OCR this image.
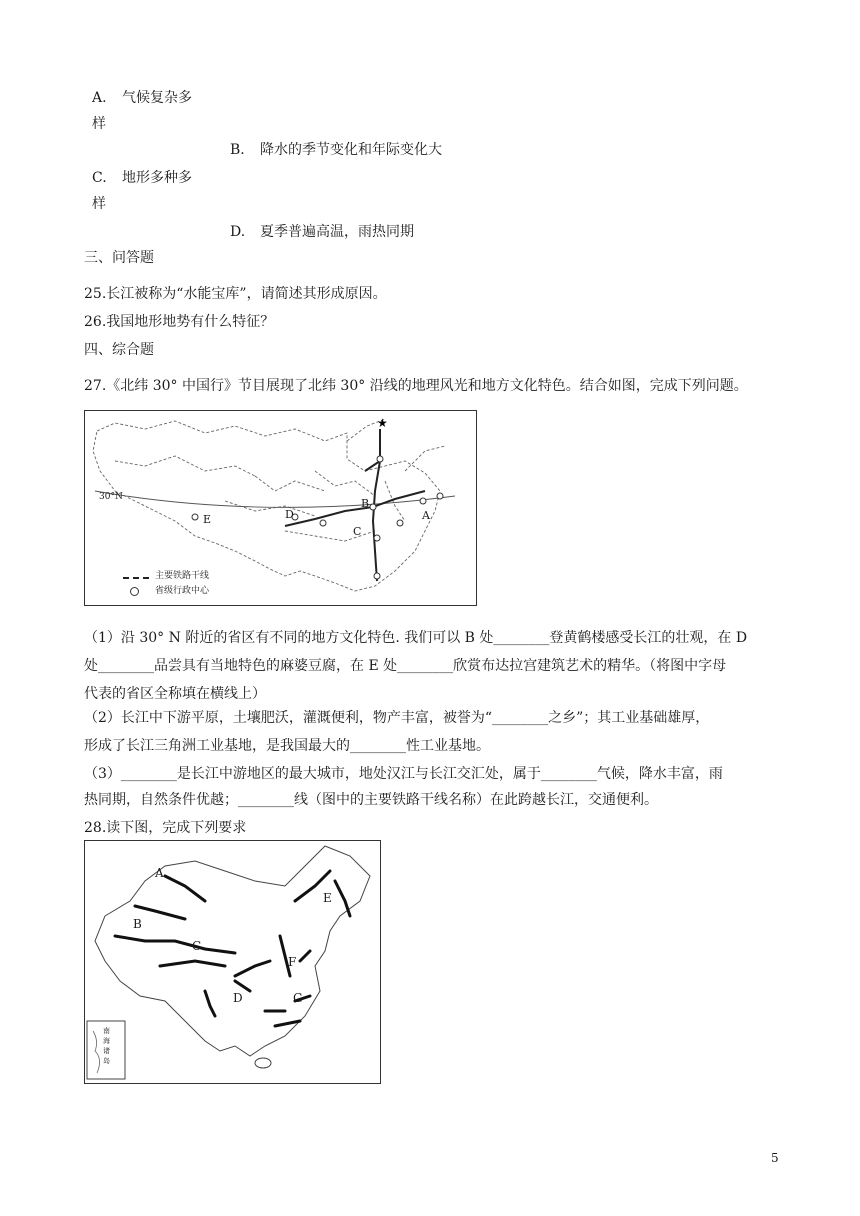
A. 气候复杂多
样
B. 降水的季节变化和年际变化大
C. 地形多种多
样
D. 夏季普遍高温，雨热同期
三、问答题
25.长江被称为“水能宝库”，请简述其形成原因。
26.我国地形地势有什么特征？
四、综合题
27.《北纬 30° 中国行》节目展现了北纬 30° 沿线的地理风光和地方文化特色。结合如图，完成下列问题。
★
30°N
A
B
C
D
E
主要铁路干线
省级行政中心
（1）沿 30° N 附近的省区有不同的地方文化特色. 我们可以 B 处________登黄鹤楼感受长江的壮观，在 D
处________品尝具有当地特色的麻婆豆腐，在 E 处________欣赏布达拉宫建筑艺术的精华。（将图中字母
代表的省区全称填在横线上）
（2）长江中下游平原，土壤肥沃，灌溉便利，物产丰富，被誉为“________之乡”；其工业基础雄厚，
形成了长江三角洲工业基地，是我国最大的________性工业基地。
（3）________是长江中游地区的最大城市，地处汉江与长江交汇处，属于________气候，降水丰富，雨
热同期，自然条件优越；________线（图中的主要铁路干线名称）在此跨越长江，交通便利。
28.读下图，完成下列要求
A
B
C
D
E
F
G
南
海
诸
岛
5
